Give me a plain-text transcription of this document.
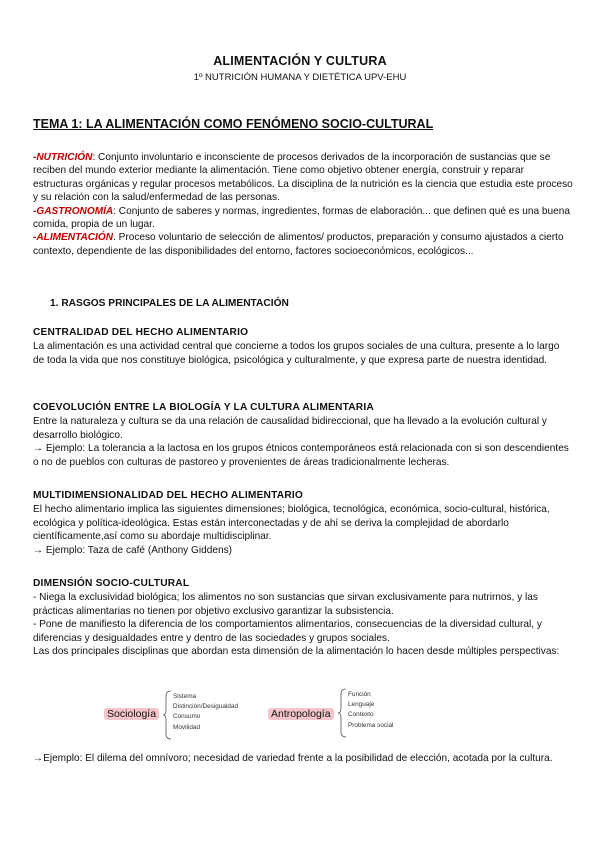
ALIMENTACIÓN Y CULTURA
1º NUTRICIÓN HUMANA Y DIETÉTICA UPV-EHU
TEMA 1: LA ALIMENTACIÓN COMO FENÓMENO SOCIO-CULTURAL

-NUTRICIÓN: Conjunto involuntario e inconsciente de procesos derivados de la incorporación de sustancias que se reciben del mundo exterior mediante la alimentación. Tiene como objetivo obtener energía, construir y reparar estructuras orgánicas y regular procesos metabólicos. La disciplina de la nutrición es la ciencia que estudia este proceso y su relación con la salud/enfermedad de las personas.

-GASTRONOMÍA: Conjunto de saberes y normas, ingredientes, formas de elaboración... que definen qué es una buena comida, propia de un lugar.

-ALIMENTACIÓN. Proceso voluntario de selección de alimentos/ productos, preparación y consumo ajustados a cierto contexto, dependiente de las disponibilidades del entorno, factores socioeconómicos, ecológicos...

1. RASGOS PRINCIPALES DE LA ALIMENTACIÓN
CENTRALIDAD DEL HECHO ALIMENTARIO

La alimentación es una actividad central que concierne a todos los grupos sociales de una cultura, presente a lo largo de toda la vida que nos constituye biológica, psicológica y culturalmente, y que expresa parte de nuestra identidad.

COEVOLUCIÓN ENTRE LA BIOLOGÍA Y LA CULTURA ALIMENTARIA

Entre la naturaleza y cultura se da una relación de causalidad bidireccional, que ha llevado a la evolución cultural y desarrollo biológico.

→ Ejemplo: La tolerancia a la lactosa en los grupos étnicos contemporáneos está relacionada con si son descendientes o no de pueblos con culturas de pastoreo y provenientes de áreas tradicionalmente lecheras.

MULTIDIMENSIONALIDAD DEL HECHO ALIMENTARIO

El hecho alimentario implica las siguientes dimensiones; biológica, tecnológica, económica, socio-cultural, histórica, ecológica y política-ideológica. Estas están interconectadas y de ahí se deriva la complejidad de abordarlo científicamente,así como su abordaje multidisciplinar.

→ Ejemplo: Taza de café (Anthony Giddens)

DIMENSIÓN SOCIO-CULTURAL

- Niega la exclusividad biológica; los alimentos no son sustancias que sirvan exclusivamente para nutrirnos, y las prácticas alimentarias no tienen por objetivo exclusivo garantizar la subsistencia.

- Pone de manifiesto la diferencia de los comportamientos alimentarios, consecuencias de la diversidad cultural, y diferencias y desigualdades entre y dentro de las sociedades y grupos sociales.

Las dos principales disciplinas que abordan esta dimensión de la alimentación lo hacen desde múltiples perspectivas:

Sociología
Sistema
Distinción/Desigualdad
Consumo
Movilidad
Antropología
Función
Lenguaje
Contexto
Problema social
→Ejemplo: El dilema del omnívoro; necesidad de variedad frente a la posibilidad de elección, acotada por la cultura.
